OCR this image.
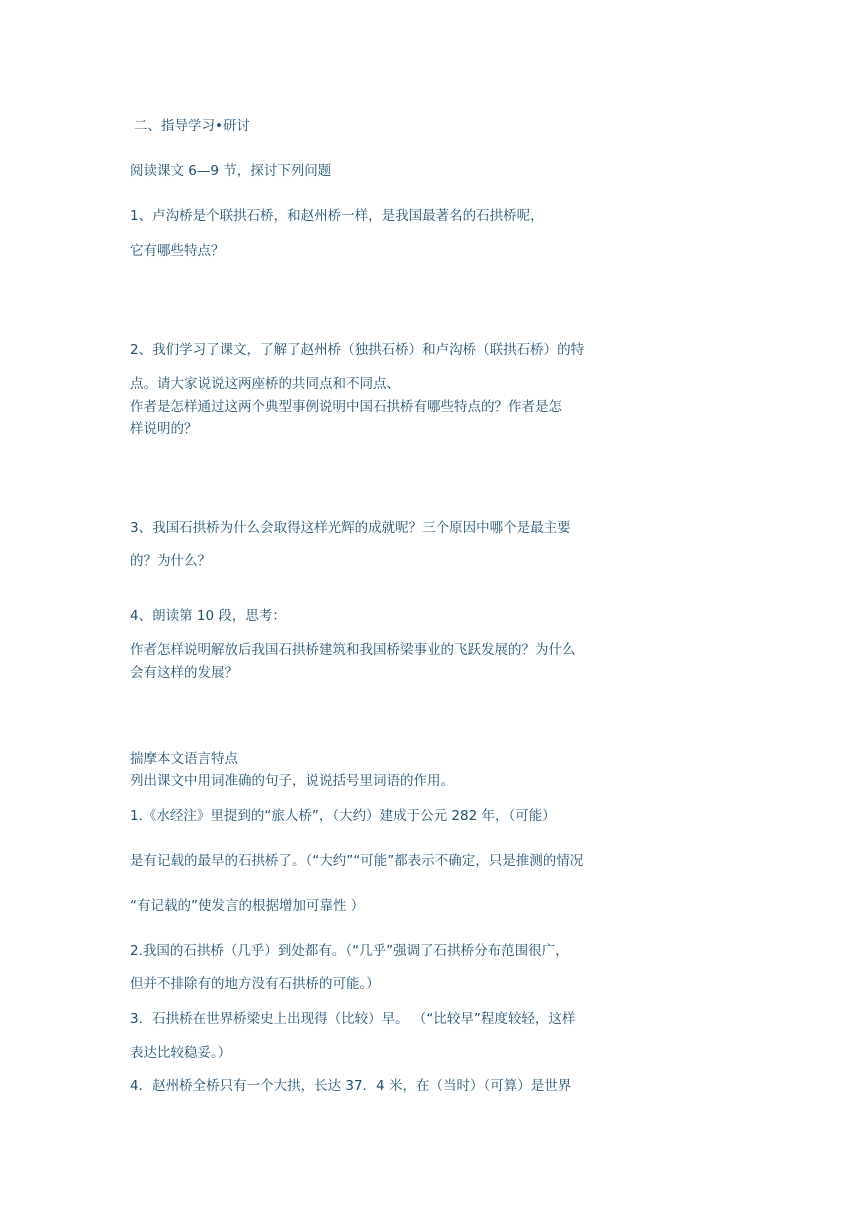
二、指导学习•研讨

阅读课文 6—9 节，探讨下列问题

1、卢沟桥是个联拱石桥，和赵州桥一样，是我国最著名的石拱桥呢，

它有哪些特点？

2、我们学习了课文，了解了赵州桥（独拱石桥）和卢沟桥（联拱石桥）的特

点。请大家说说这两座桥的共同点和不同点、

作者是怎样通过这两个典型事例说明中国石拱桥有哪些特点的？作者是怎

样说明的？

3、我国石拱桥为什么会取得这样光辉的成就呢？三个原因中哪个是最主要

的？为什么？

4、朗读第 10 段，思考：

作者怎样说明解放后我国石拱桥建筑和我国桥梁事业的飞跃发展的？为什么

会有这样的发展？

揣摩本文语言特点

列出课文中用词准确的句子，说说括号里词语的作用。

1.《水经注》里提到的“旅人桥”，（大约）建成于公元 282 年，（可能）

是有记载的最早的石拱桥了。（“大约”“可能”都表示不确定，只是推测的情况

“有记载的”使发言的根据增加可靠性 ）

2.我国的石拱桥（几乎）到处都有。（“几乎”强调了石拱桥分布范围很广，

但并不排除有的地方没有石拱桥的可能。）

3．石拱桥在世界桥梁史上出现得（比较）早。 （“比较早”程度较轻，这样

表达比较稳妥。）

4．赵州桥全桥只有一个大拱，长达 37．4 米，在（当时）（可算）是世界
